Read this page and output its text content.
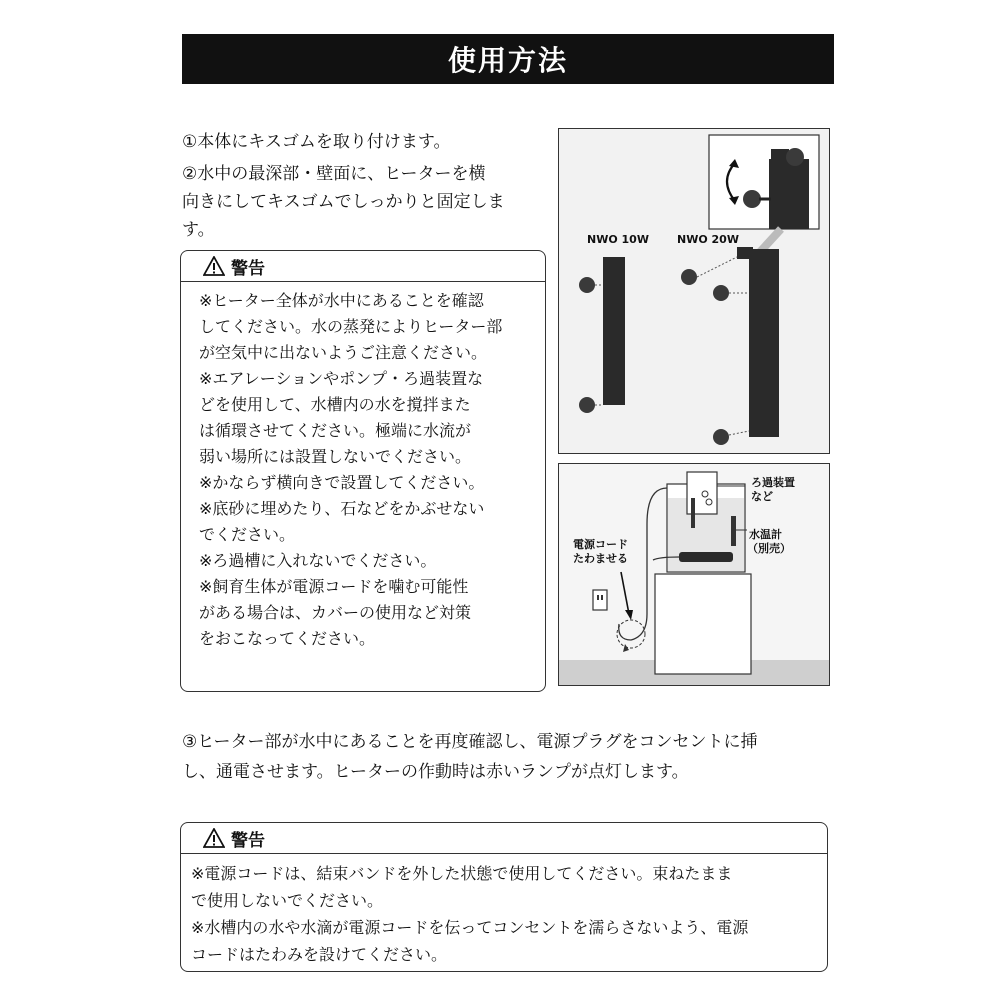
使用方法

①本体にキスゴムを取り付けます。

②水中の最深部・壁面に、ヒーターを横

向きにしてキスゴムでしっかりと固定しま

す。

警告

※ヒーター全体が水中にあることを確認

してください。水の蒸発によりヒーター部

が空気中に出ないようご注意ください。

※エアレーションやポンプ・ろ過装置な

どを使用して、水槽内の水を撹拌また

は循環させてください。極端に水流が

弱い場所には設置しないでください。

※かならず横向きで設置してください。

※底砂に埋めたり、石などをかぶせない

でください。

※ろ過槽に入れないでください。

※飼育生体が電源コードを噛む可能性

がある場合は、カバーの使用など対策

をおこなってください。

NWO 10W	NWO 20W
ろ過装置
など
水温計
（別売）
電源コード
たわませる

③ヒーター部が水中にあることを再度確認し、電源プラグをコンセントに挿

し、通電させます。ヒーターの作動時は赤いランプが点灯します。

警告

※電源コードは、結束バンドを外した状態で使用してください。束ねたまま

で使用しないでください。

※水槽内の水や水滴が電源コードを伝ってコンセントを濡らさないよう、電源

コードはたわみを設けてください。
